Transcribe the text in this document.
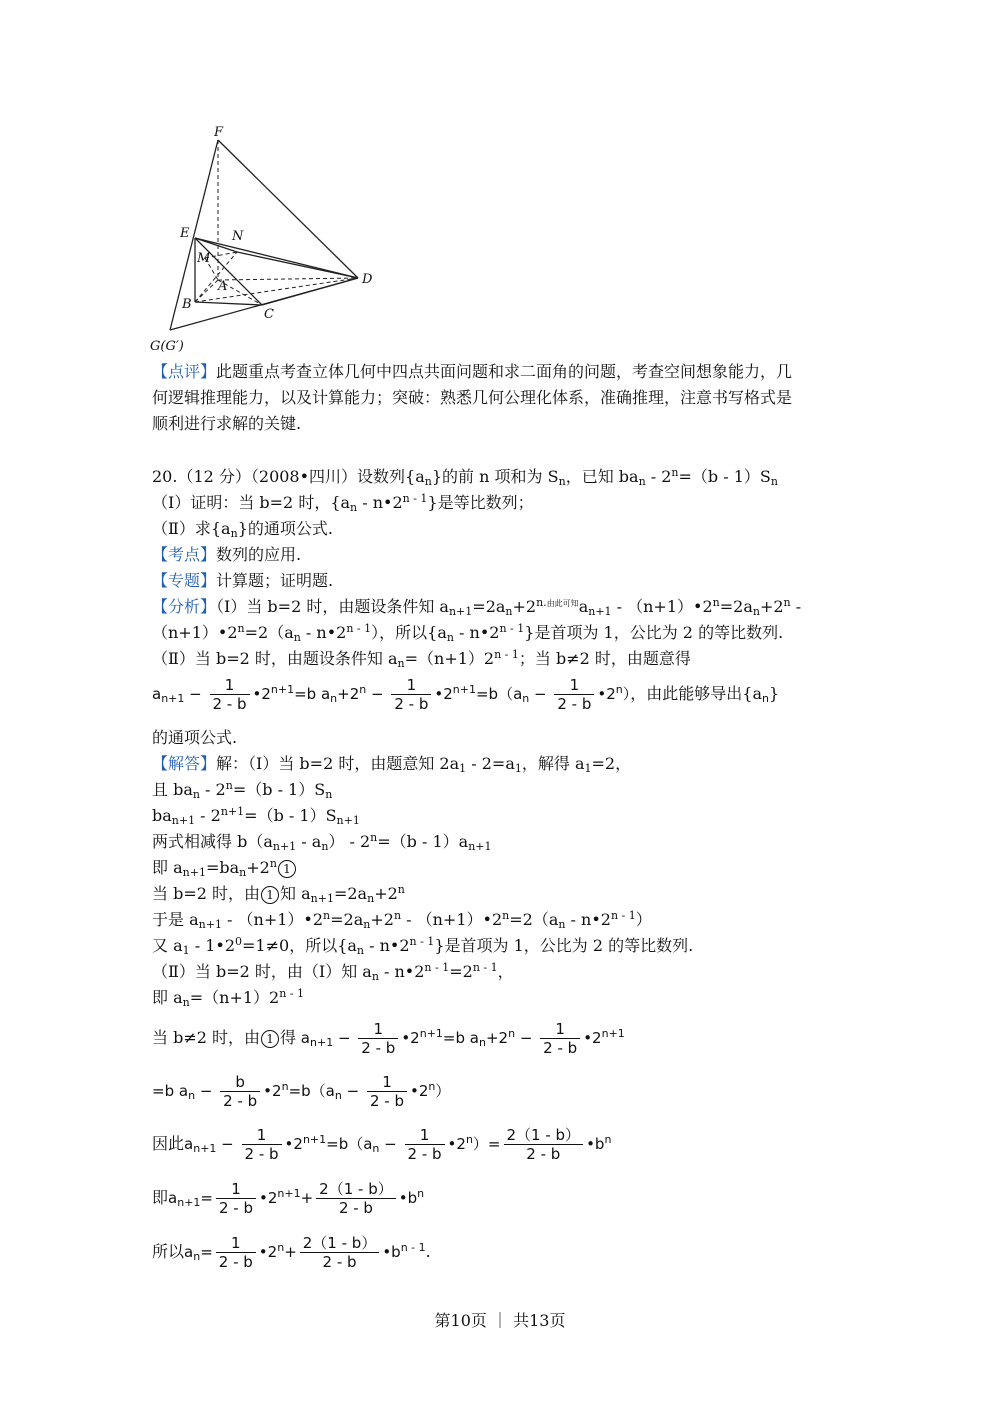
F
E	N
M
A	D
B
C
G(G′)
【点评】此题重点考查立体几何中四点共面问题和求二面角的问题，考查空间想象能力，几
何逻辑推理能力，以及计算能力；突破：熟悉几何公理化体系，准确推理，注意书写格式是
顺利进行求解的关键.
20.（12 分）（2008•四川）设数列$\{a_n\}$的前 n 项和为 $S_n$，已知 $ba_n - 2^n=(b - 1)S_n$
（Ⅰ）证明：当 b=2 时，{$a_n$ - n•2$^{n - 1}$}是等比数列；
（Ⅱ）求$\{a_n\}$的通项公式.
【考点】数列的应用.
【专题】计算题；证明题.
【分析】（Ⅰ）当 b=2 时，由题设条件知 $a_{n+1}=2a_n+2^{n.由此可知}a_{n+1}$ - $(n+1)•2^n=2a_n+2^n$ -
$(n+1)•2^n=2(a_n$ - n•2$^{n - 1}$），所以{$a_n$ - n•2$^{n - 1}$}是首项为 1，公比为 2 的等比数列.
（Ⅱ）当 b=2 时，由题设条件知 $a_n=(n+1)2^{n - 1}$；当 b≠2 时，由题意得
$a_{n+1} - \frac{1}{2 - b}$ $•2^{n+1}=b$ $a_n+2^n - \frac{1}{2 - b}$ $•2^{n+1}=b(a_n - \frac{1}{2 - b}$ •2$^n$），由此能够导出$\{a_n\}$
的通项公式.
【解答】解：（Ⅰ）当 b=2 时，由题意知 $2a_1 - 2=a_1$，解得 $a_1=2$，
且 $ba_n - 2^n=(b - 1)S_n$
$ba_{n+1} - 2^{n+1}=(b - 1)S_{n+1}$
两式相减得 $b(a_{n+1} - a_n) - 2^n=(b - 1)a_{n+1}$
即 $a_{n+1}=ba_n+2^n$ 1
当 b=2 时，由 1 知 $a_{n+1}=2a_n+2^n$
于是 $a_{n+1}$ - $(n+1)•2^n=2a_n+2^n$ - $(n+1)•2^n=2(a_n$ - n•2$^{n - 1}$）
又 $a_1$ - $1•2^0=1\ne 0$，所以{$a_n$ - n•2$^{n - 1}$}是首项为 1，公比为 2 的等比数列.
（Ⅱ）当 b=2 时，由（Ⅰ）知 $a_n$ - $n•2^{n - 1}=2^{n - 1}$，
即 $a_n=(n+1)2^{n - 1}$
当 b≠2 时，由 1 得 $a_{n+1} - \frac{1}{2 - b}$ $•2^{n+1}=b$ $a_n+2^n - \frac{1}{2 - b}$ $•2^{n+1}$
=b $a_n - \frac{b}{2 - b}$ $•2^n=b(a_n - \frac{1}{2 - b}$ •2$^n$）
因此$a_{n+1} - \frac{1}{2 - b}$ $•2^{n+1}=b(a_n - \frac{1}{2 - b}$ $•2^n)= \frac{2(1 - b)}{2 - b}$ $•b^n$
即$a_{n+1}= \frac{1}{2 - b}$ $•2^{n+1}+ \frac{2(1 - b)}{2 - b}$ $•b^n$
所以$a_n= \frac{1}{2 - b}$ $•2^n+ \frac{2(1 - b)}{2 - b}$ $•b^{n - 1}$.
第10页 ｜ 共13页
